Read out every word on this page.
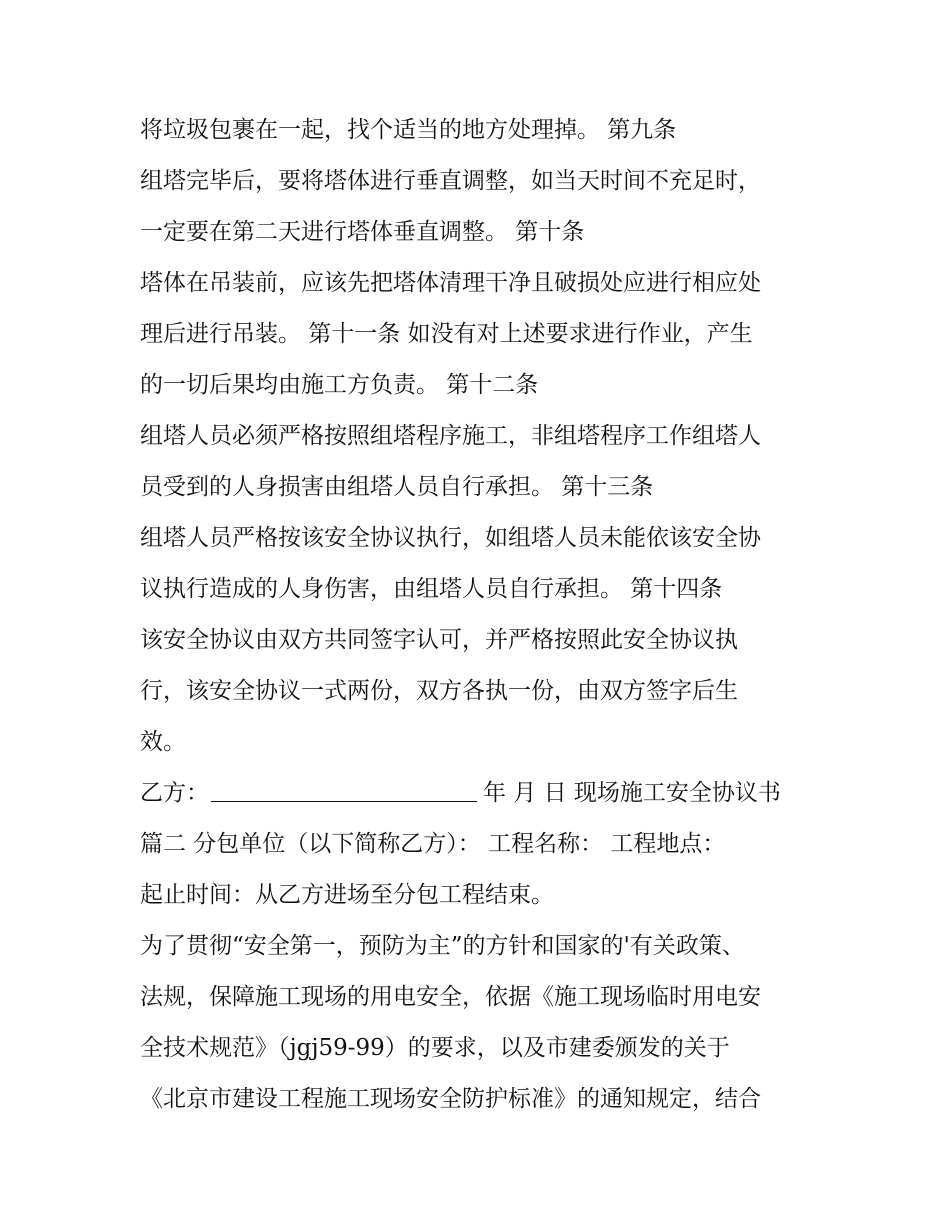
将垃圾包裹在一起，找个适当的地方处理掉。 第九条
组塔完毕后，要将塔体进行垂直调整，如当天时间不充足时，
一定要在第二天进行塔体垂直调整。 第十条
塔体在吊装前，应该先把塔体清理干净且破损处应进行相应处
理后进行吊装。 第十一条 如没有对上述要求进行作业，产生
的一切后果均由施工方负责。 第十二条
组塔人员必须严格按照组塔程序施工，非组塔程序工作组塔人
员受到的人身损害由组塔人员自行承担。 第十三条
组塔人员严格按该安全协议执行，如组塔人员未能依该安全协
议执行造成的人身伤害，由组塔人员自行承担。 第十四条
该安全协议由双方共同签字认可，并严格按照此安全协议执
行，该安全协议一式两份，双方各执一份，由双方签字后生
效。
乙方：	年 月 日 现场施工安全协议书
篇二 分包单位（以下简称乙方）： 工程名称： 工程地点：
起止时间：从乙方进场至分包工程结束。
为了贯彻“安全第一，预防为主”的方针和国家的'有关政策、
法规，保障施工现场的用电安全，依据《施工现场临时用电安
全技术规范》（jgj59-99）的要求，以及市建委颁发的关于
《北京市建设工程施工现场安全防护标准》的通知规定，结合
